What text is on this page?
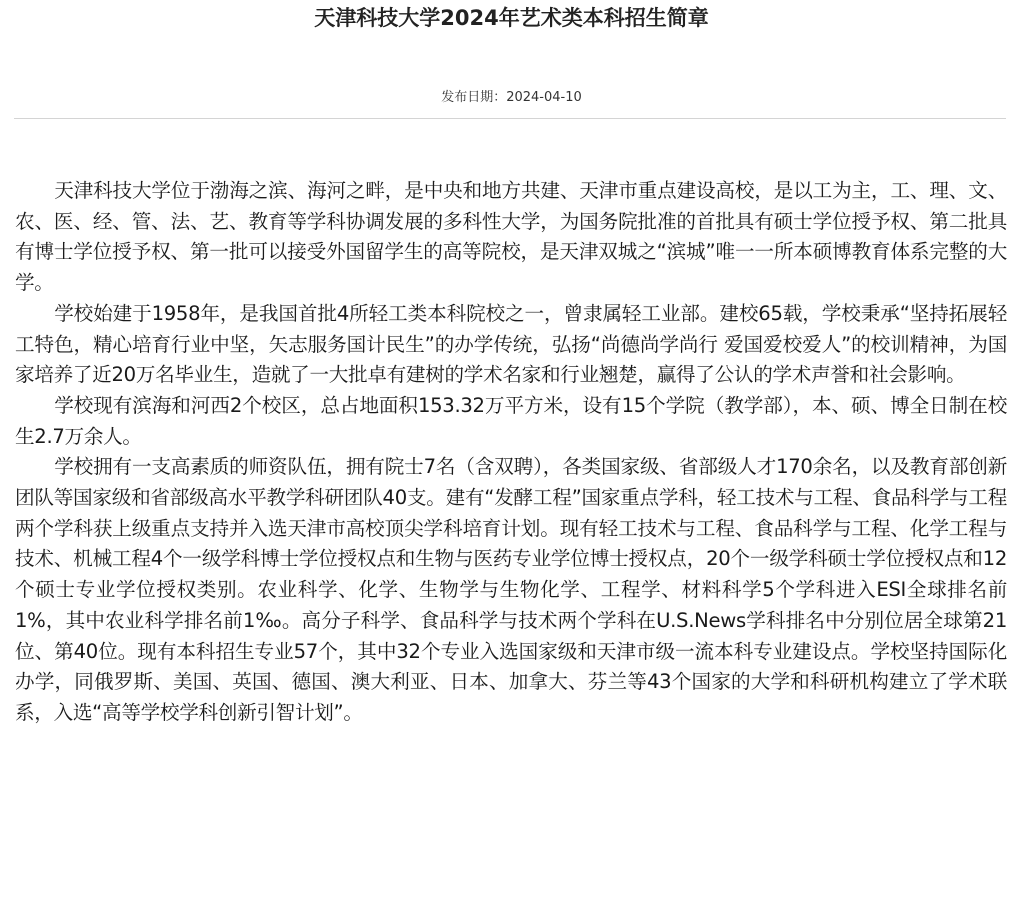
天津科技大学2024年艺术类本科招生简章
发布日期：2024-04-10

天津科技大学位于渤海之滨、海河之畔，是中央和地方共建、天津市重点建设高校，是以工为主，工、理、文、农、医、经、管、法、艺、教育等学科协调发展的多科性大学，为国务院批准的首批具有硕士学位授予权、第二批具有博士学位授予权、第一批可以接受外国留学生的高等院校，是天津双城之“滨城”唯一一所本硕博教育体系完整的大学。

学校始建于1958年，是我国首批4所轻工类本科院校之一，曾隶属轻工业部。建校65载，学校秉承“坚持拓展轻工特色，精心培育行业中坚，矢志服务国计民生”的办学传统，弘扬“尚德尚学尚行 爱国爱校爱人”的校训精神，为国家培养了近20万名毕业生，造就了一大批卓有建树的学术名家和行业翘楚，赢得了公认的学术声誉和社会影响。

学校现有滨海和河西2个校区，总占地面积153.32万平方米，设有15个学院（教学部），本、硕、博全日制在校生2.7万余人。

学校拥有一支高素质的师资队伍，拥有院士7名（含双聘），各类国家级、省部级人才170余名，以及教育部创新团队等国家级和省部级高水平教学科研团队40支。建有“发酵工程”国家重点学科，轻工技术与工程、食品科学与工程两个学科获上级重点支持并入选天津市高校顶尖学科培育计划。现有轻工技术与工程、食品科学与工程、化学工程与技术、机械工程4个一级学科博士学位授权点和生物与医药专业学位博士授权点，20个一级学科硕士学位授权点和12个硕士专业学位授权类别。农业科学、化学、生物学与生物化学、工程学、材料科学5个学科进入ESI全球排名前1%，其中农业科学排名前1‰。高分子科学、食品科学与技术两个学科在U.S.News学科排名中分别位居全球第21位、第40位。现有本科招生专业57个，其中32个专业入选国家级和天津市级一流本科专业建设点。学校坚持国际化办学，同俄罗斯、美国、英国、德国、澳大利亚、日本、加拿大、芬兰等43个国家的大学和科研机构建立了学术联系，入选“高等学校学科创新引智计划”。
